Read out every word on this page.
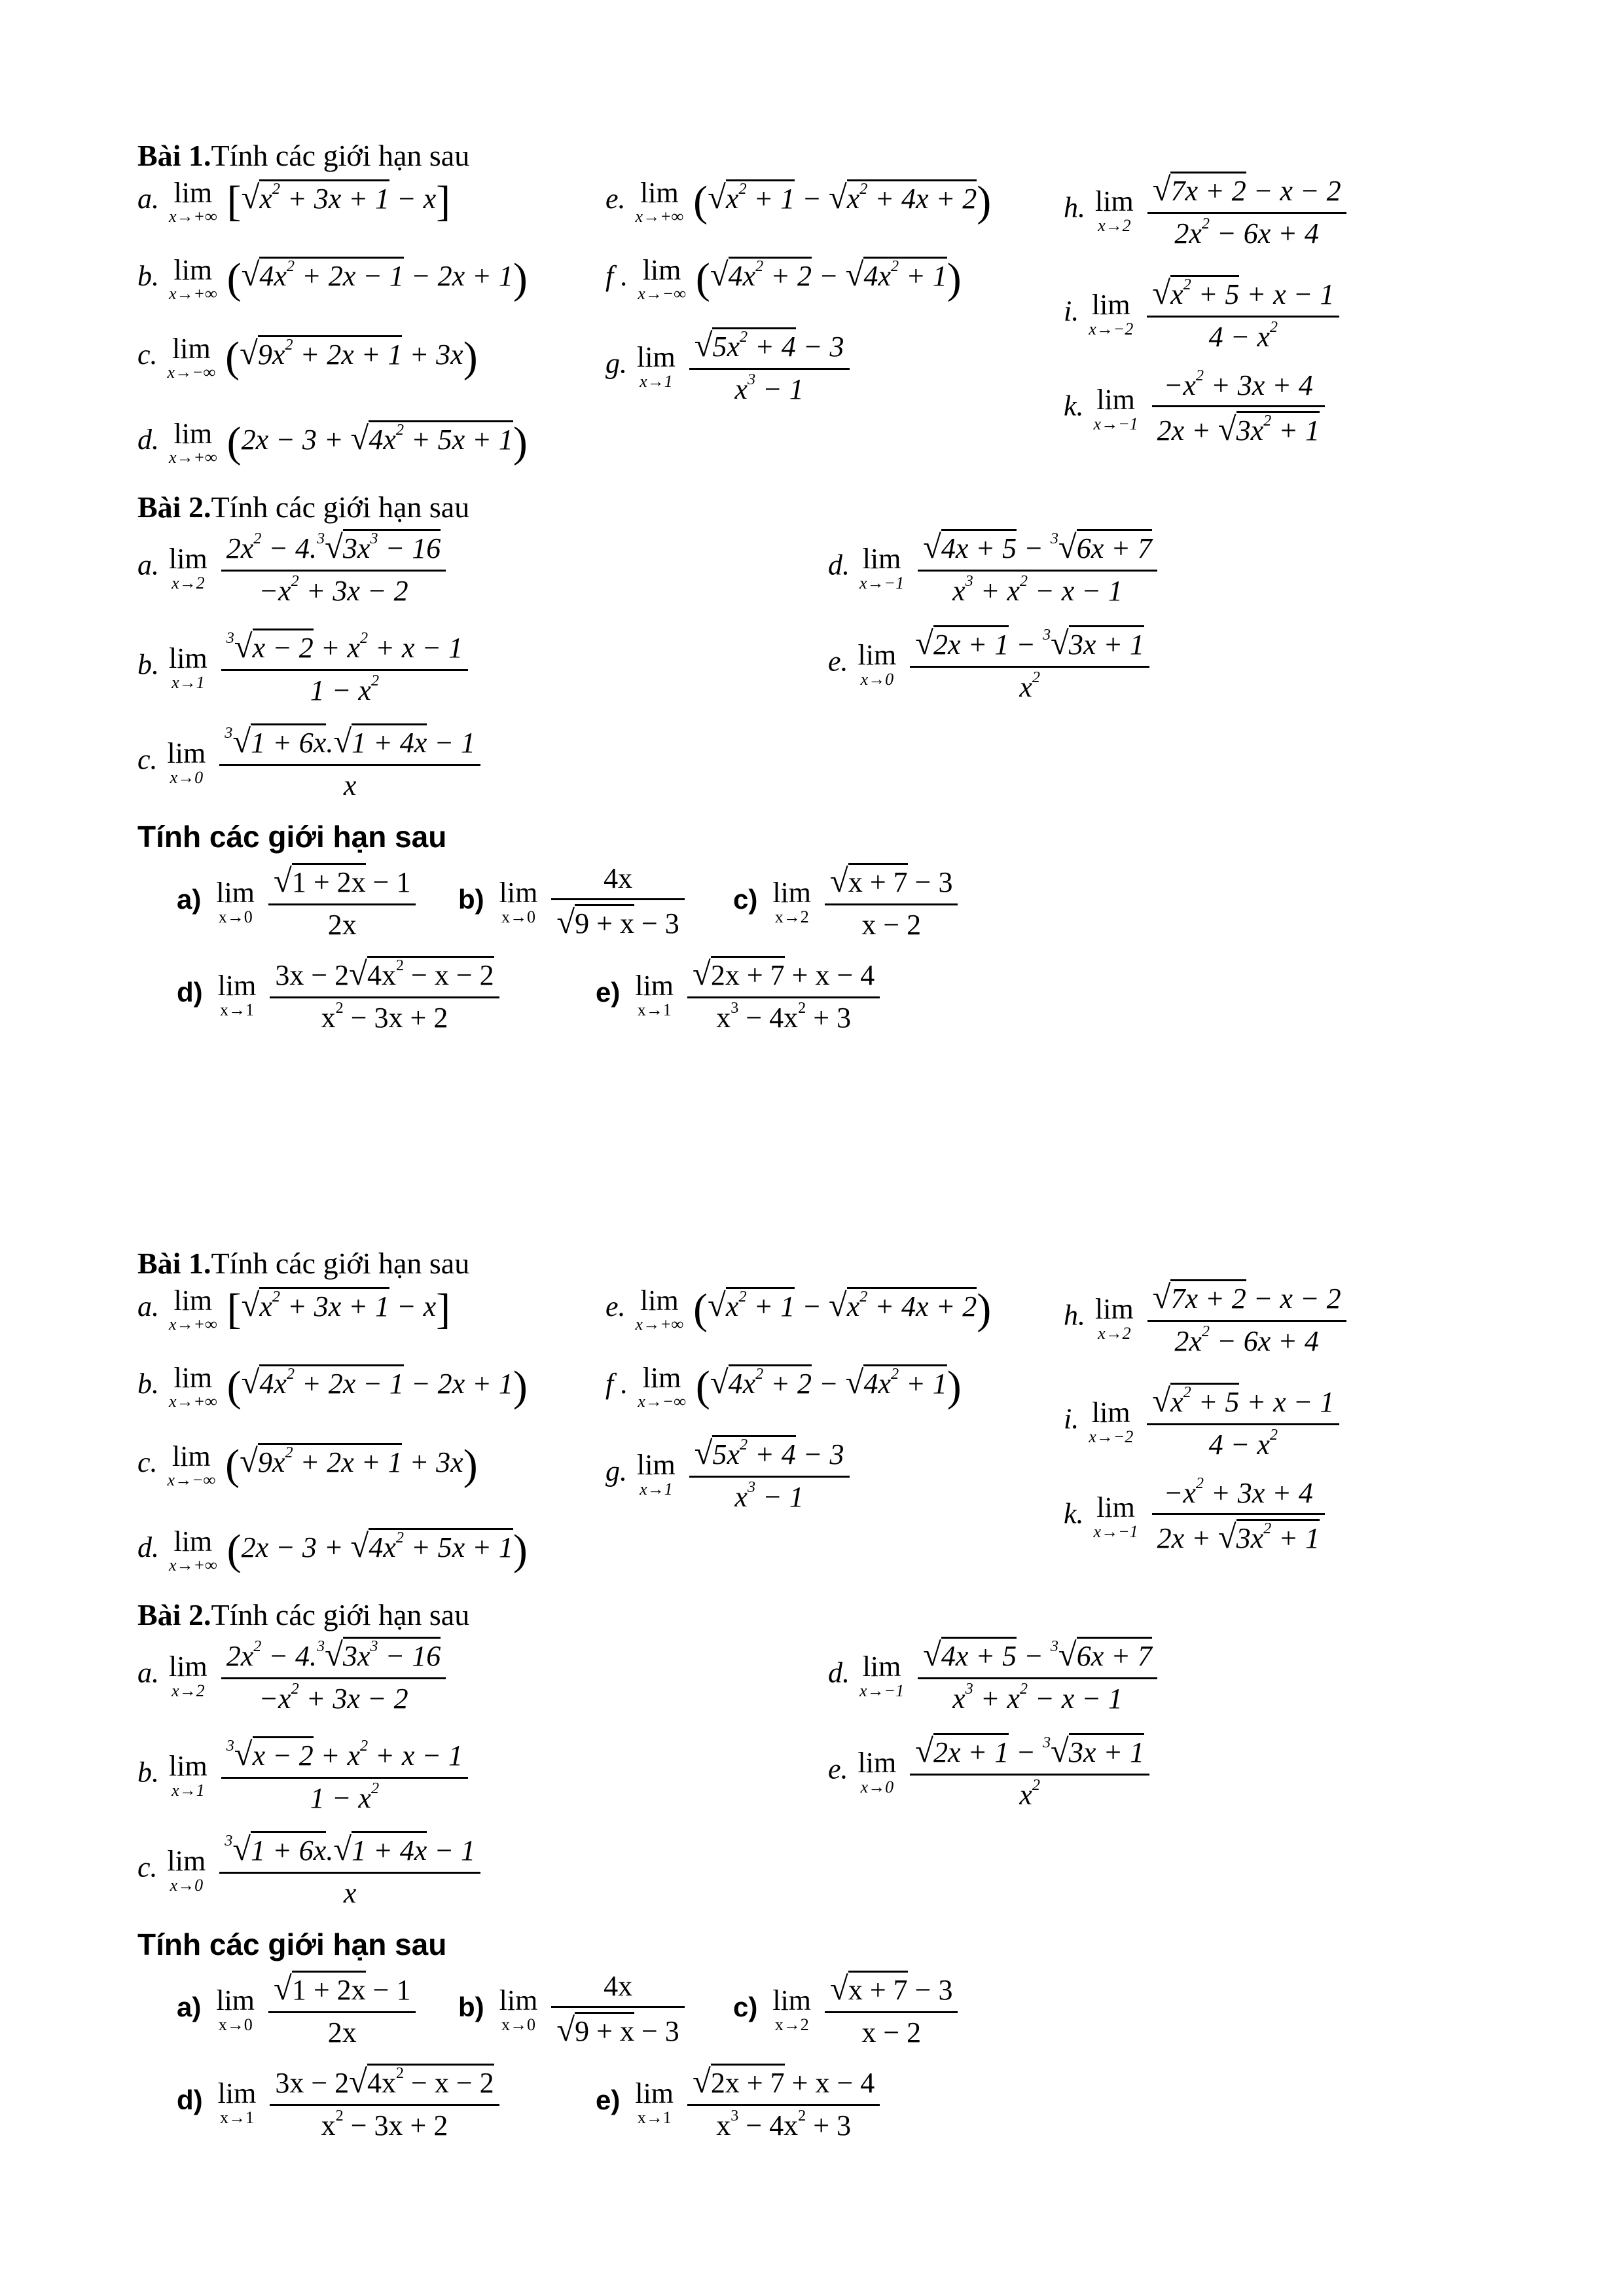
Bài 1.Tính các giới hạn sau
a. lim
x→+∞ $[√x^2 + 3x + 1 - x]$
b. lim
x→+∞ $(√4x^2 + 2x - 1 - 2x + 1)$
c. lim
x→−∞ $(√9x^2 + 2x + 1 + 3x)$
d. lim
x→+∞ $(2x - 3 + √4x^2 + 5x + 1)$
e. lim
x→+∞ $(√x^2 + 1 - √x^2 + 4x + 2)$
f . lim
x→−∞ $(√4x^2 + 2 - √4x^2 + 1)$
g. lim
x→1
$\frac{√5x^2 + 4 - 3}{x^3 - 1}$
h. lim
x→2
$\frac{√7x + 2 - x - 2}{2x^2 - 6x + 4}$
i. lim
x→−2
$\frac{√x^2 + 5 + x - 1}{4 - x^2}$
k. lim
x→−1
$\frac{-x^2 + 3x + 4}{2x + √3x^2 + 1}$
Bài 2.Tính các giới hạn sau
a. lim
x→2
$\frac{2x^2 - 4.^3√3x^3 - 16}{-x^2 + 3x - 2}$
b. lim
x→1
$\frac{^3√x - 2 + x^2 + x - 1}{1 - x^2}$
c. lim
x→0
$\frac{^3√1 + 6x.√1 + 4x - 1}{x}$
d. lim
x→−1
$\frac{√4x + 5 - ^3√6x + 7}{x^3 + x^2 - x - 1}$
e. lim
x→0
$\frac{√2x + 1 - ^3√3x + 1}{x^2}$
Tính các giới hạn sau
a) lim
x→0
$\frac{√1 + 2x - 1}{2x} b$) lim
x→0
$\frac{4x}{√9 + x - 3} c$) lim
x→2
$\frac{√x + 7 - 3}{x - 2}$
d) lim
x→1
$\frac{3x - 2√4x^2 - x - 2}{x^2 - 3x + 2}$	e) lim
x→1
$\frac{√2x + 7 + x - 4}{x^3 - 4x^2 + 3}$
Bài 1.Tính các giới hạn sau
a. lim
x→+∞ $[√x^2 + 3x + 1 - x]$
b. lim
x→+∞ $(√4x^2 + 2x - 1 - 2x + 1)$
c. lim
x→−∞ $(√9x^2 + 2x + 1 + 3x)$
d. lim
x→+∞ $(2x - 3 + √4x^2 + 5x + 1)$
e. lim
x→+∞ $(√x^2 + 1 - √x^2 + 4x + 2)$
f . lim
x→−∞ $(√4x^2 + 2 - √4x^2 + 1)$
g. lim
x→1
$\frac{√5x^2 + 4 - 3}{x^3 - 1}$
h. lim
x→2
$\frac{√7x + 2 - x - 2}{2x^2 - 6x + 4}$
i. lim
x→−2
$\frac{√x^2 + 5 + x - 1}{4 - x^2}$
k. lim
x→−1
$\frac{-x^2 + 3x + 4}{2x + √3x^2 + 1}$
Bài 2.Tính các giới hạn sau
a. lim
x→2
$\frac{2x^2 - 4.^3√3x^3 - 16}{-x^2 + 3x - 2}$
b. lim
x→1
$\frac{^3√x - 2 + x^2 + x - 1}{1 - x^2}$
c. lim
x→0
$\frac{^3√1 + 6x.√1 + 4x - 1}{x}$
d. lim
x→−1
$\frac{√4x + 5 - ^3√6x + 7}{x^3 + x^2 - x - 1}$
e. lim
x→0
$\frac{√2x + 1 - ^3√3x + 1}{x^2}$
Tính các giới hạn sau
a) lim
x→0
$\frac{√1 + 2x - 1}{2x} b$) lim
x→0
$\frac{4x}{√9 + x - 3} c$) lim
x→2
$\frac{√x + 7 - 3}{x - 2}$
d) lim
x→1
$\frac{3x - 2√4x^2 - x - 2}{x^2 - 3x + 2}$	e) lim
x→1
$\frac{√2x + 7 + x - 4}{x^3 - 4x^2 + 3}$
